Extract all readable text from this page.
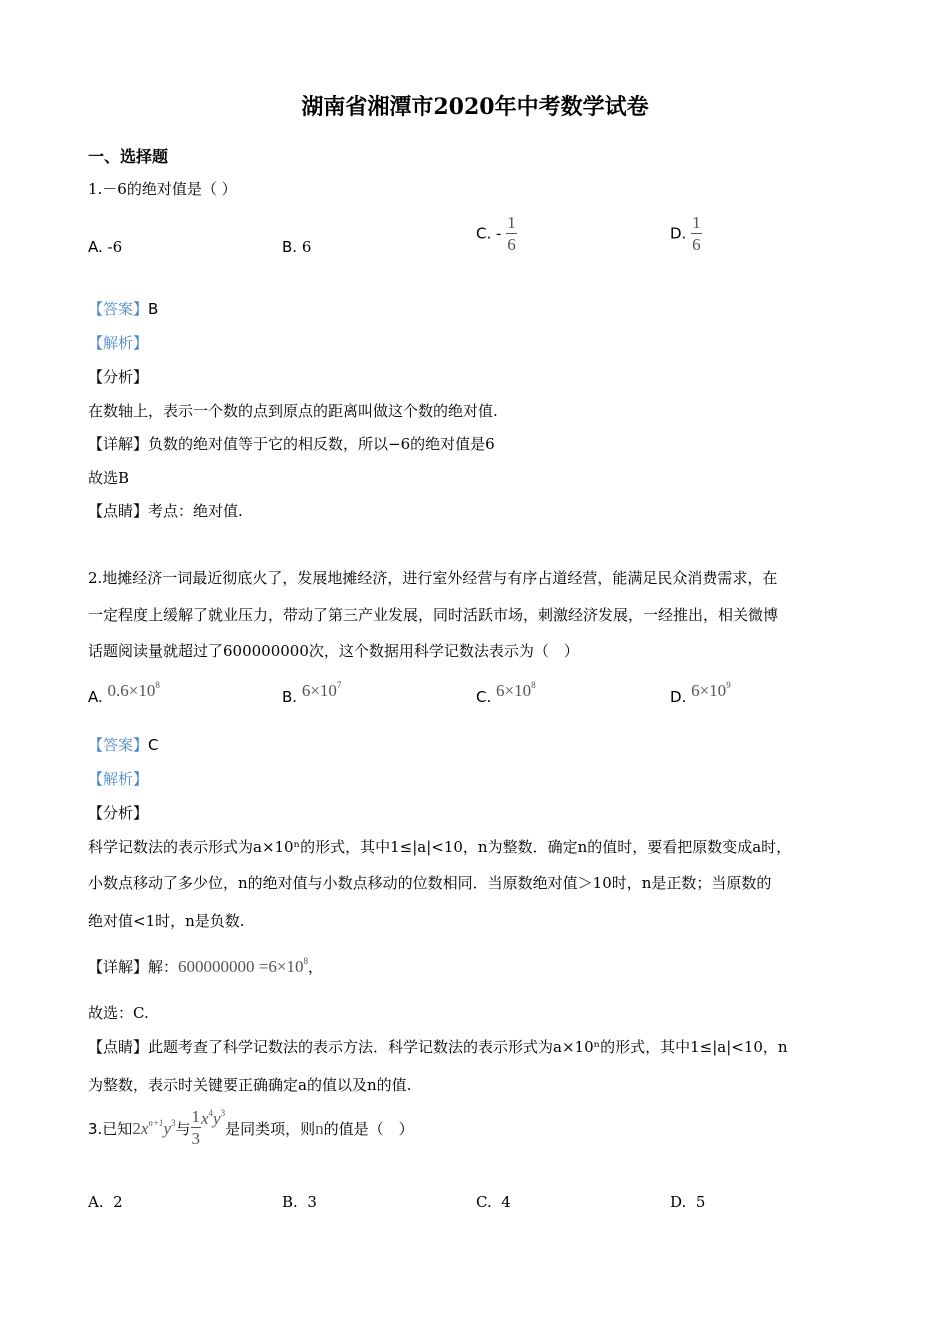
湖南省湘潭市2020年中考数学试卷
一、选择题
1.－6的绝对值是（ ）
A. -6	B. 6
C. - $\frac{1}{6}$	D. $\frac{1}{6}$
【答案】B
【解析】
【分析】
在数轴上，表示一个数的点到原点的距离叫做这个数的绝对值.
【详解】负数的绝对值等于它的相反数，所以−6的绝对值是6
故选B
【点睛】考点：绝对值.
2.地摊经济一词最近彻底火了，发展地摊经济，进行室外经营与有序占道经营，能满足民众消费需求，在
一定程度上缓解了就业压力，带动了第三产业发展，同时活跃市场，刺激经济发展，一经推出，相关微博
话题阅读量就超过了600000000次，这个数据用科学记数法表示为（　）
A. $0.6\times 10^8$
B. $6\times 10^7$
C. $6\times 10^8$
D. $6\times 10^9$
【答案】C
【解析】
【分析】
科学记数法的表示形式为a×10ⁿ的形式，其中1≤|a|<10，n为整数．确定n的值时，要看把原数变成a时，
小数点移动了多少位，n的绝对值与小数点移动的位数相同．当原数绝对值＞10时，n是正数；当原数的
绝对值<1时，n是负数.
【详解】解：$600000000 =6\times 10^8$，
故选：C.
【点睛】此题考查了科学记数法的表示方法．科学记数法的表示形式为a×10ⁿ的形式，其中1≤|a|<10，n
为整数，表示时关键要正确确定a的值以及n的值.
3.已知$2x^{n+1}y^3$与 $\frac{1}{3} x^4y^3$是同类项，则n的值是（　）
A. 2	B. 3	C. 4	D. 5
